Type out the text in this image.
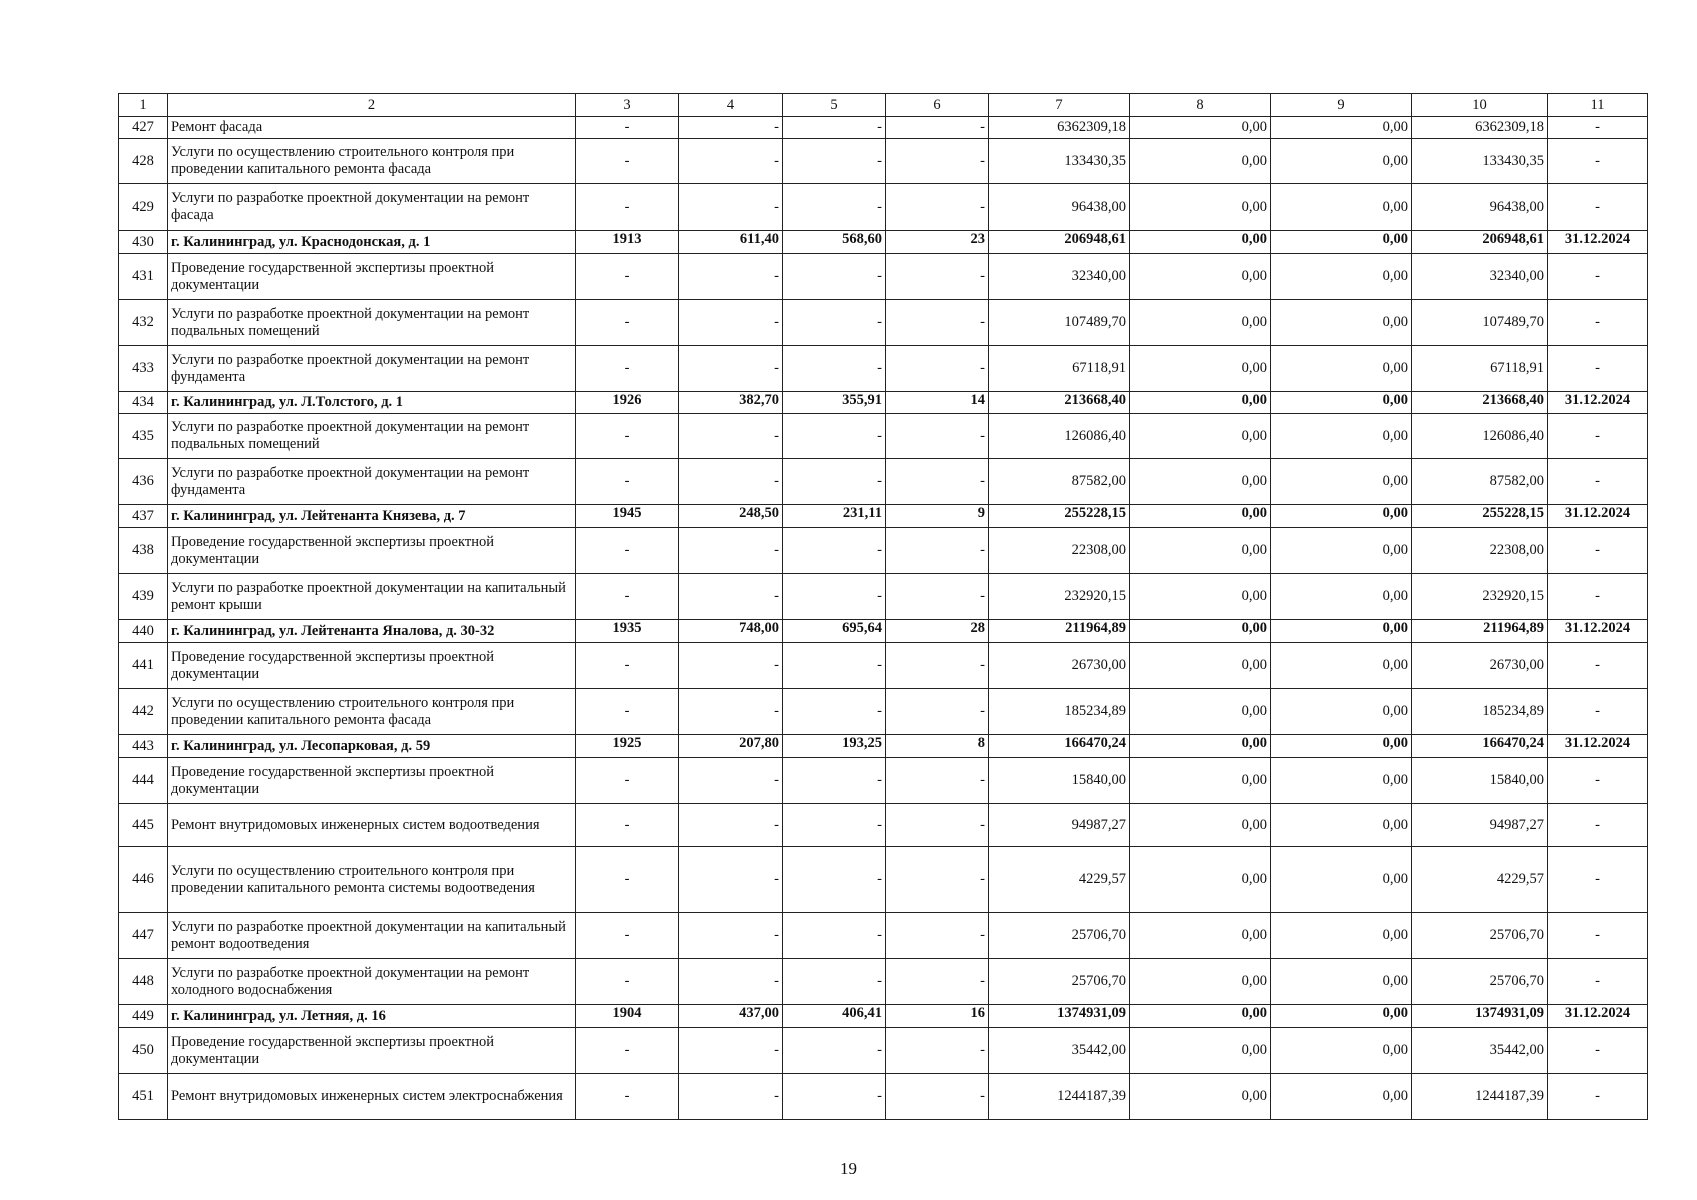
1	2	3	4	5	6	7	8	9	10	11
427	Ремонт фасада	-	-	-	-	6362309,18	0,00	0,00	6362309,18	-
428	Услуги по осуществлению строительного контроля при проведении капитального ремонта фасада	-	-	-	-	133430,35	0,00	0,00	133430,35	-
429	Услуги по разработке проектной документации на ремонт фасада	-	-	-	-	96438,00	0,00	0,00	96438,00	-
430	г. Калининград, ул. Краснодонская, д. 1	1913	611,40	568,60	23	206948,61	0,00	0,00	206948,61	31.12.2024
431	Проведение государственной экспертизы проектной документации	-	-	-	-	32340,00	0,00	0,00	32340,00	-
432	Услуги по разработке проектной документации на ремонт подвальных помещений	-	-	-	-	107489,70	0,00	0,00	107489,70	-
433	Услуги по разработке проектной документации на ремонт фундамента	-	-	-	-	67118,91	0,00	0,00	67118,91	-
434	г. Калининград, ул. Л.Толстого, д. 1	1926	382,70	355,91	14	213668,40	0,00	0,00	213668,40	31.12.2024
435	Услуги по разработке проектной документации на ремонт подвальных помещений	-	-	-	-	126086,40	0,00	0,00	126086,40	-
436	Услуги по разработке проектной документации на ремонт фундамента	-	-	-	-	87582,00	0,00	0,00	87582,00	-
437	г. Калининград, ул. Лейтенанта Князева, д. 7	1945	248,50	231,11	9	255228,15	0,00	0,00	255228,15	31.12.2024
438	Проведение государственной экспертизы проектной документации	-	-	-	-	22308,00	0,00	0,00	22308,00	-
439	Услуги по разработке проектной документации на капитальный ремонт крыши	-	-	-	-	232920,15	0,00	0,00	232920,15	-
440	г. Калининград, ул. Лейтенанта Яналова, д. 30-32	1935	748,00	695,64	28	211964,89	0,00	0,00	211964,89	31.12.2024
441	Проведение государственной экспертизы проектной документации	-	-	-	-	26730,00	0,00	0,00	26730,00	-
442	Услуги по осуществлению строительного контроля при проведении капитального ремонта фасада	-	-	-	-	185234,89	0,00	0,00	185234,89	-
443	г. Калининград, ул. Лесопарковая, д. 59	1925	207,80	193,25	8	166470,24	0,00	0,00	166470,24	31.12.2024
444	Проведение государственной экспертизы проектной документации	-	-	-	-	15840,00	0,00	0,00	15840,00	-
445	Ремонт внутридомовых инженерных систем водоотведения	-	-	-	-	94987,27	0,00	0,00	94987,27	-
446	Услуги по осуществлению строительного контроля при проведении капитального ремонта системы водоотведения	-	-	-	-	4229,57	0,00	0,00	4229,57	-
447	Услуги по разработке проектной документации на капитальный ремонт водоотведения	-	-	-	-	25706,70	0,00	0,00	25706,70	-
448	Услуги по разработке проектной документации на ремонт холодного водоснабжения	-	-	-	-	25706,70	0,00	0,00	25706,70	-
449	г. Калининград, ул. Летняя, д. 16	1904	437,00	406,41	16	1374931,09	0,00	0,00	1374931,09	31.12.2024
450	Проведение государственной экспертизы проектной документации	-	-	-	-	35442,00	0,00	0,00	35442,00	-
451	Ремонт внутридомовых инженерных систем электроснабжения	-	-	-	-	1244187,39	0,00	0,00	1244187,39	-
19
